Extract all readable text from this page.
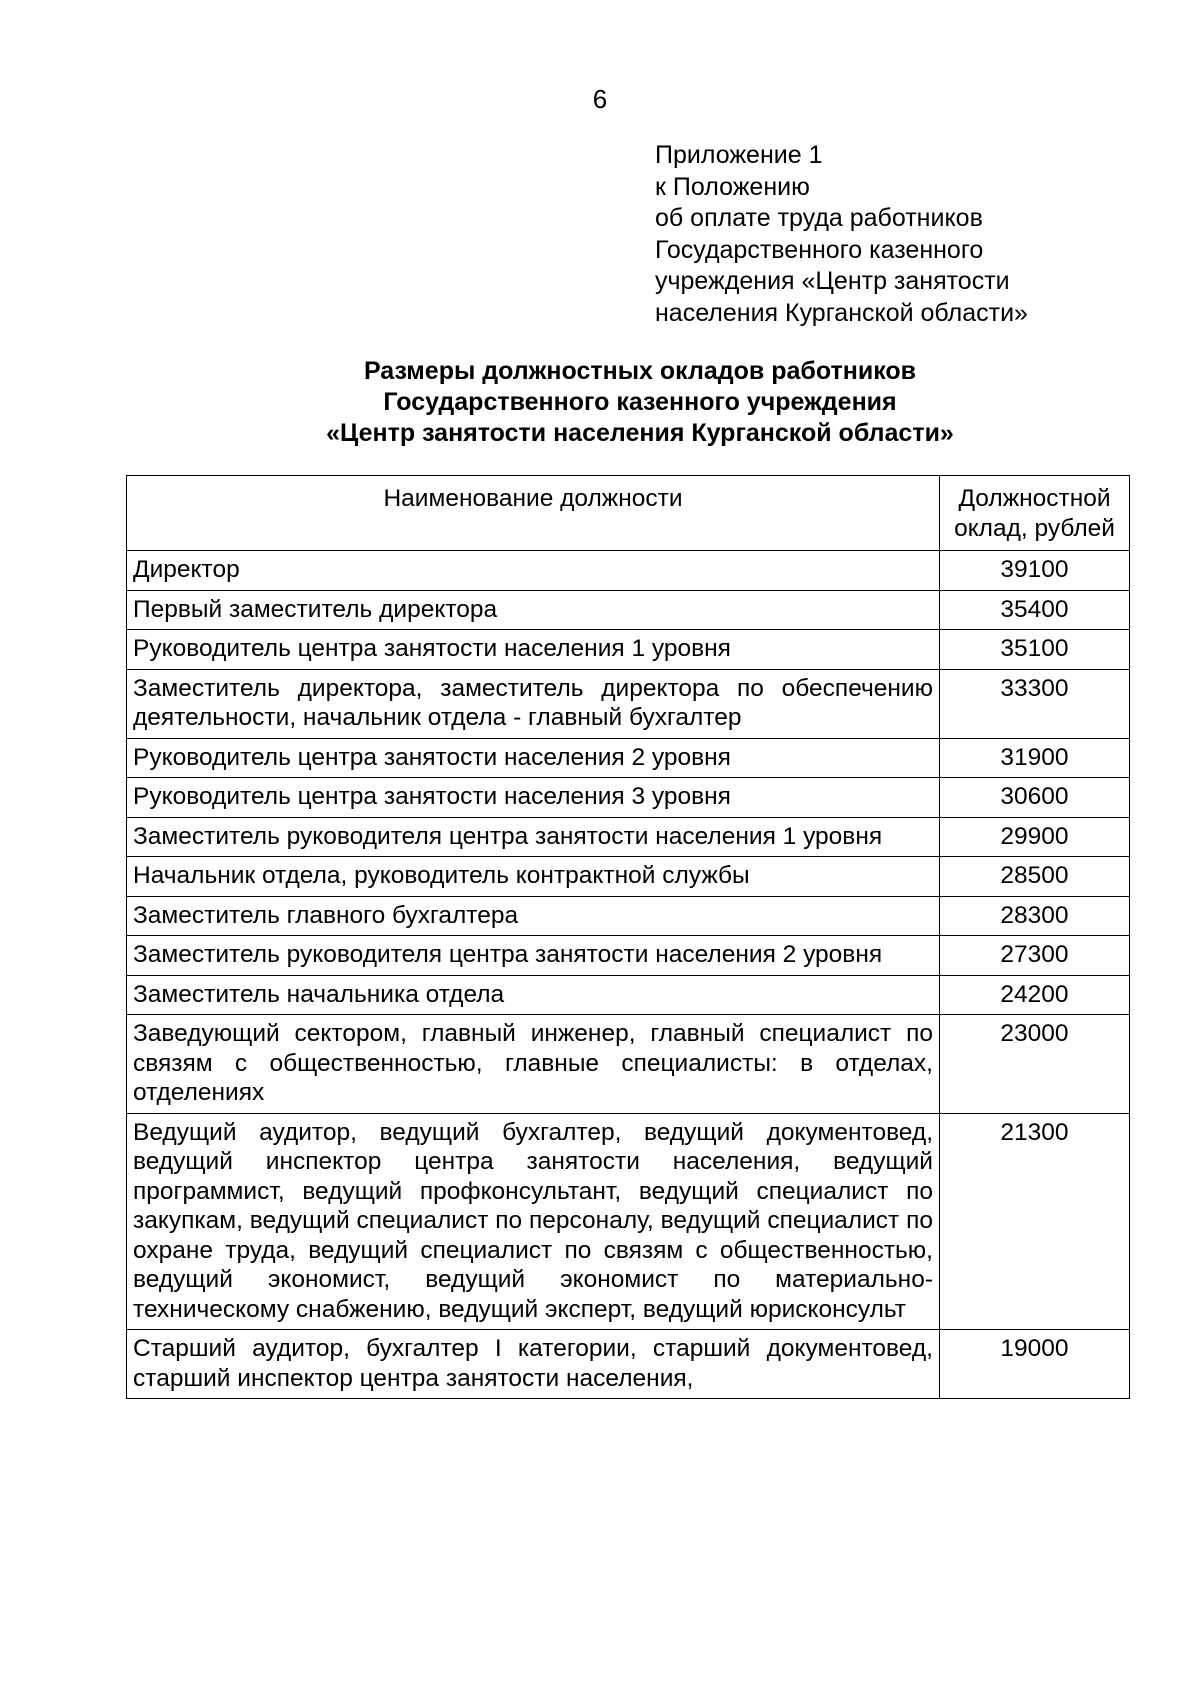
6
Приложение 1
к Положению
об оплате труда работников
Государственного казенного
учреждения «Центр занятости
населения Курганской области»
Размеры должностных окладов работников
Государственного казенного учреждения
«Центр занятости населения Курганской области»
Наименование должности	Должностной оклад, рублей
Директор	39100
Первый заместитель директора	35400
Руководитель центра занятости населения 1 уровня	35100
Заместитель директора, заместитель директора по обеспечению деятельности, начальник отдела - главный бухгалтер	33300
Руководитель центра занятости населения 2 уровня	31900
Руководитель центра занятости населения 3 уровня	30600
Заместитель руководителя центра занятости населения 1 уровня	29900
Начальник отдела, руководитель контрактной службы	28500
Заместитель главного бухгалтера	28300
Заместитель руководителя центра занятости населения 2 уровня	27300
Заместитель начальника отдела	24200
Заведующий сектором, главный инженер, главный специалист по связям с общественностью, главные специалисты: в отделах, отделениях	23000
Ведущий аудитор, ведущий бухгалтер, ведущий документовед, ведущий инспектор центра занятости населения, ведущий программист, ведущий профконсультант, ведущий специалист по закупкам, ведущий специалист по персоналу, ведущий специалист по охране труда, ведущий специалист по связям с общественностью, ведущий экономист, ведущий экономист по материально-техническому снабжению, ведущий эксперт, ведущий юрисконсульт	21300
Старший аудитор, бухгалтер I категории, старший документовед, старший инспектор центра занятости населения,	19000
